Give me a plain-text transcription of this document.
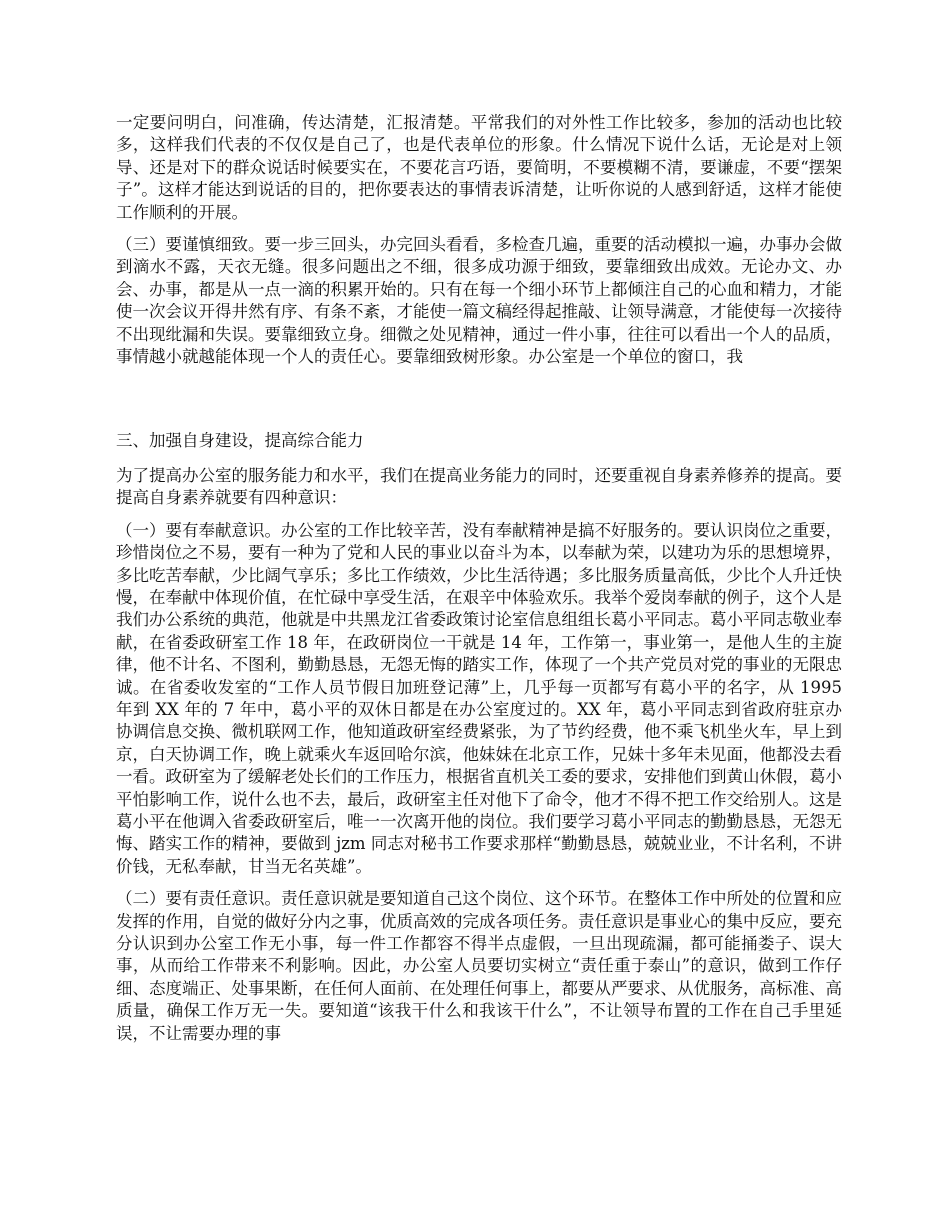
一定要问明白，问准确，传达清楚，汇报清楚。平常我们的对外性工作比较多，参加的活动也比较多，这样我们代表的不仅仅是自己了，也是代表单位的形象。什么情况下说什么话，无论是对上领导、还是对下的群众说话时候要实在，不要花言巧语，要简明，不要模糊不清，要谦虚，不要“摆架子”。这样才能达到说话的目的，把你要表达的事情表诉清楚，让听你说的人感到舒适，这样才能使工作顺利的开展。

（三）要谨慎细致。要一步三回头，办完回头看看，多检查几遍，重要的活动模拟一遍，办事办会做到滴水不露，天衣无缝。很多问题出之不细，很多成功源于细致，要靠细致出成效。无论办文、办会、办事，都是从一点一滴的积累开始的。只有在每一个细小环节上都倾注自己的心血和精力，才能使一次会议开得井然有序、有条不紊，才能使一篇文稿经得起推敲、让领导满意，才能使每一次接待不出现纰漏和失误。要靠细致立身。细微之处见精神，通过一件小事，往往可以看出一个人的品质，事情越小就越能体现一个人的责任心。要靠细致树形象。办公室是一个单位的窗口，我

三、加强自身建设，提高综合能力

为了提高办公室的服务能力和水平，我们在提高业务能力的同时，还要重视自身素养修养的提高。要提高自身素养就要有四种意识：

（一）要有奉献意识。办公室的工作比较辛苦，没有奉献精神是搞不好服务的。要认识岗位之重要，珍惜岗位之不易，要有一种为了党和人民的事业以奋斗为本，以奉献为荣，以建功为乐的思想境界，多比吃苦奉献，少比阔气享乐；多比工作绩效，少比生活待遇；多比服务质量高低，少比个人升迁快慢，在奉献中体现价值，在忙碌中享受生活，在艰辛中体验欢乐。我举个爱岗奉献的例子，这个人是我们办公系统的典范，他就是中共黑龙江省委政策讨论室信息组组长葛小平同志。葛小平同志敬业奉献，在省委政研室工作 18 年，在政研岗位一干就是 14 年，工作第一，事业第一，是他人生的主旋律，他不计名、不图利，勤勤恳恳，无怨无悔的踏实工作，体现了一个共产党员对党的事业的无限忠诚。在省委收发室的“工作人员节假日加班登记薄”上，几乎每一页都写有葛小平的名字，从 1995 年到 XX 年的 7 年中，葛小平的双休日都是在办公室度过的。XX 年，葛小平同志到省政府驻京办协调信息交换、微机联网工作，他知道政研室经费紧张，为了节约经费，他不乘飞机坐火车，早上到京，白天协调工作，晚上就乘火车返回哈尔滨，他妹妹在北京工作，兄妹十多年未见面，他都没去看一看。政研室为了缓解老处长们的工作压力，根据省直机关工委的要求，安排他们到黄山休假，葛小平怕影响工作，说什么也不去，最后，政研室主任对他下了命令，他才不得不把工作交给别人。这是葛小平在他调入省委政研室后，唯一一次离开他的岗位。我们要学习葛小平同志的勤勤恳恳，无怨无悔、踏实工作的精神，要做到 jzm 同志对秘书工作要求那样“勤勤恳恳，兢兢业业，不计名利，不讲价钱，无私奉献，甘当无名英雄”。

（二）要有责任意识。责任意识就是要知道自己这个岗位、这个环节。在整体工作中所处的位置和应发挥的作用，自觉的做好分内之事，优质高效的完成各项任务。责任意识是事业心的集中反应，要充分认识到办公室工作无小事，每一件工作都容不得半点虚假，一旦出现疏漏，都可能捅娄子、误大事，从而给工作带来不利影响。因此，办公室人员要切实树立“责任重于泰山”的意识，做到工作仔细、态度端正、处事果断，在任何人面前、在处理任何事上，都要从严要求、从优服务，高标准、高质量，确保工作万无一失。要知道“该我干什么和我该干什么”，不让领导布置的工作在自己手里延误，不让需要办理的事
